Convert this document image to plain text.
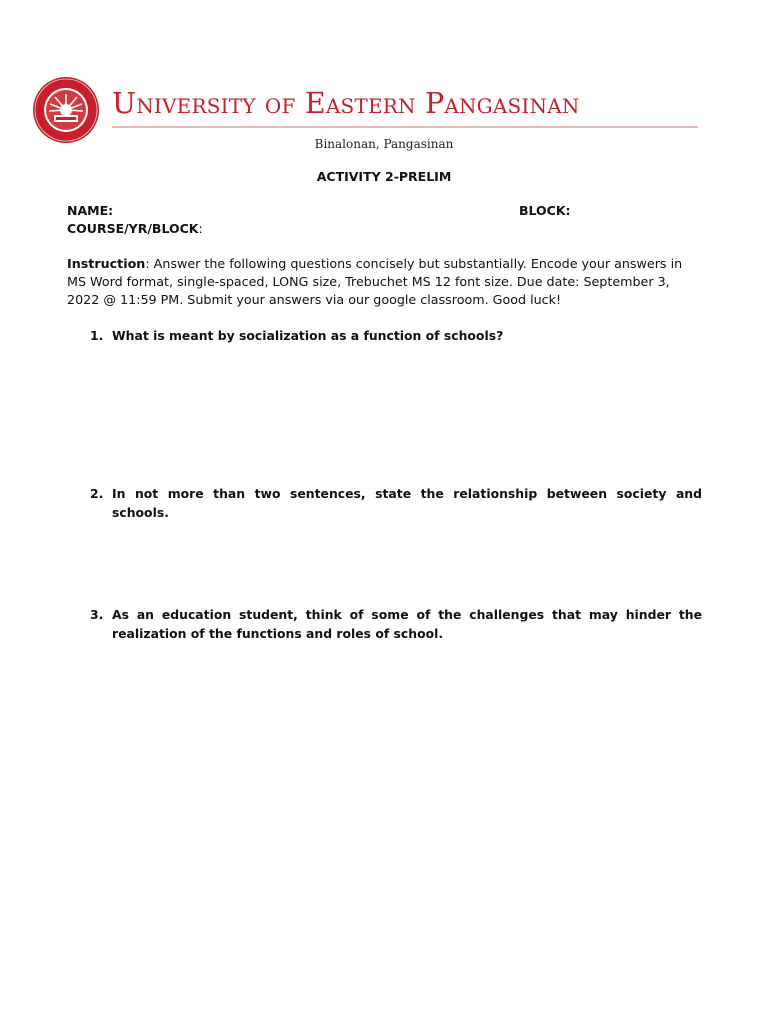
University of Eastern Pangasinan
Binalonan, Pangasinan
ACTIVITY 2-PRELIM
NAME:	BLOCK:
COURSE/YR/BLOCK:
Instruction: Answer the following questions concisely but substantially. Encode your answers in MS Word format, single-spaced, LONG size, Trebuchet MS 12 font size. Due date: September 3, 2022 @ 11:59 PM. Submit your answers via our google classroom. Good luck!
1. What is meant by socialization as a function of schools?
2. In not more than two sentences, state the relationship between society and schools.
3. As an education student, think of some of the challenges that may hinder the realization of the functions and roles of school.
